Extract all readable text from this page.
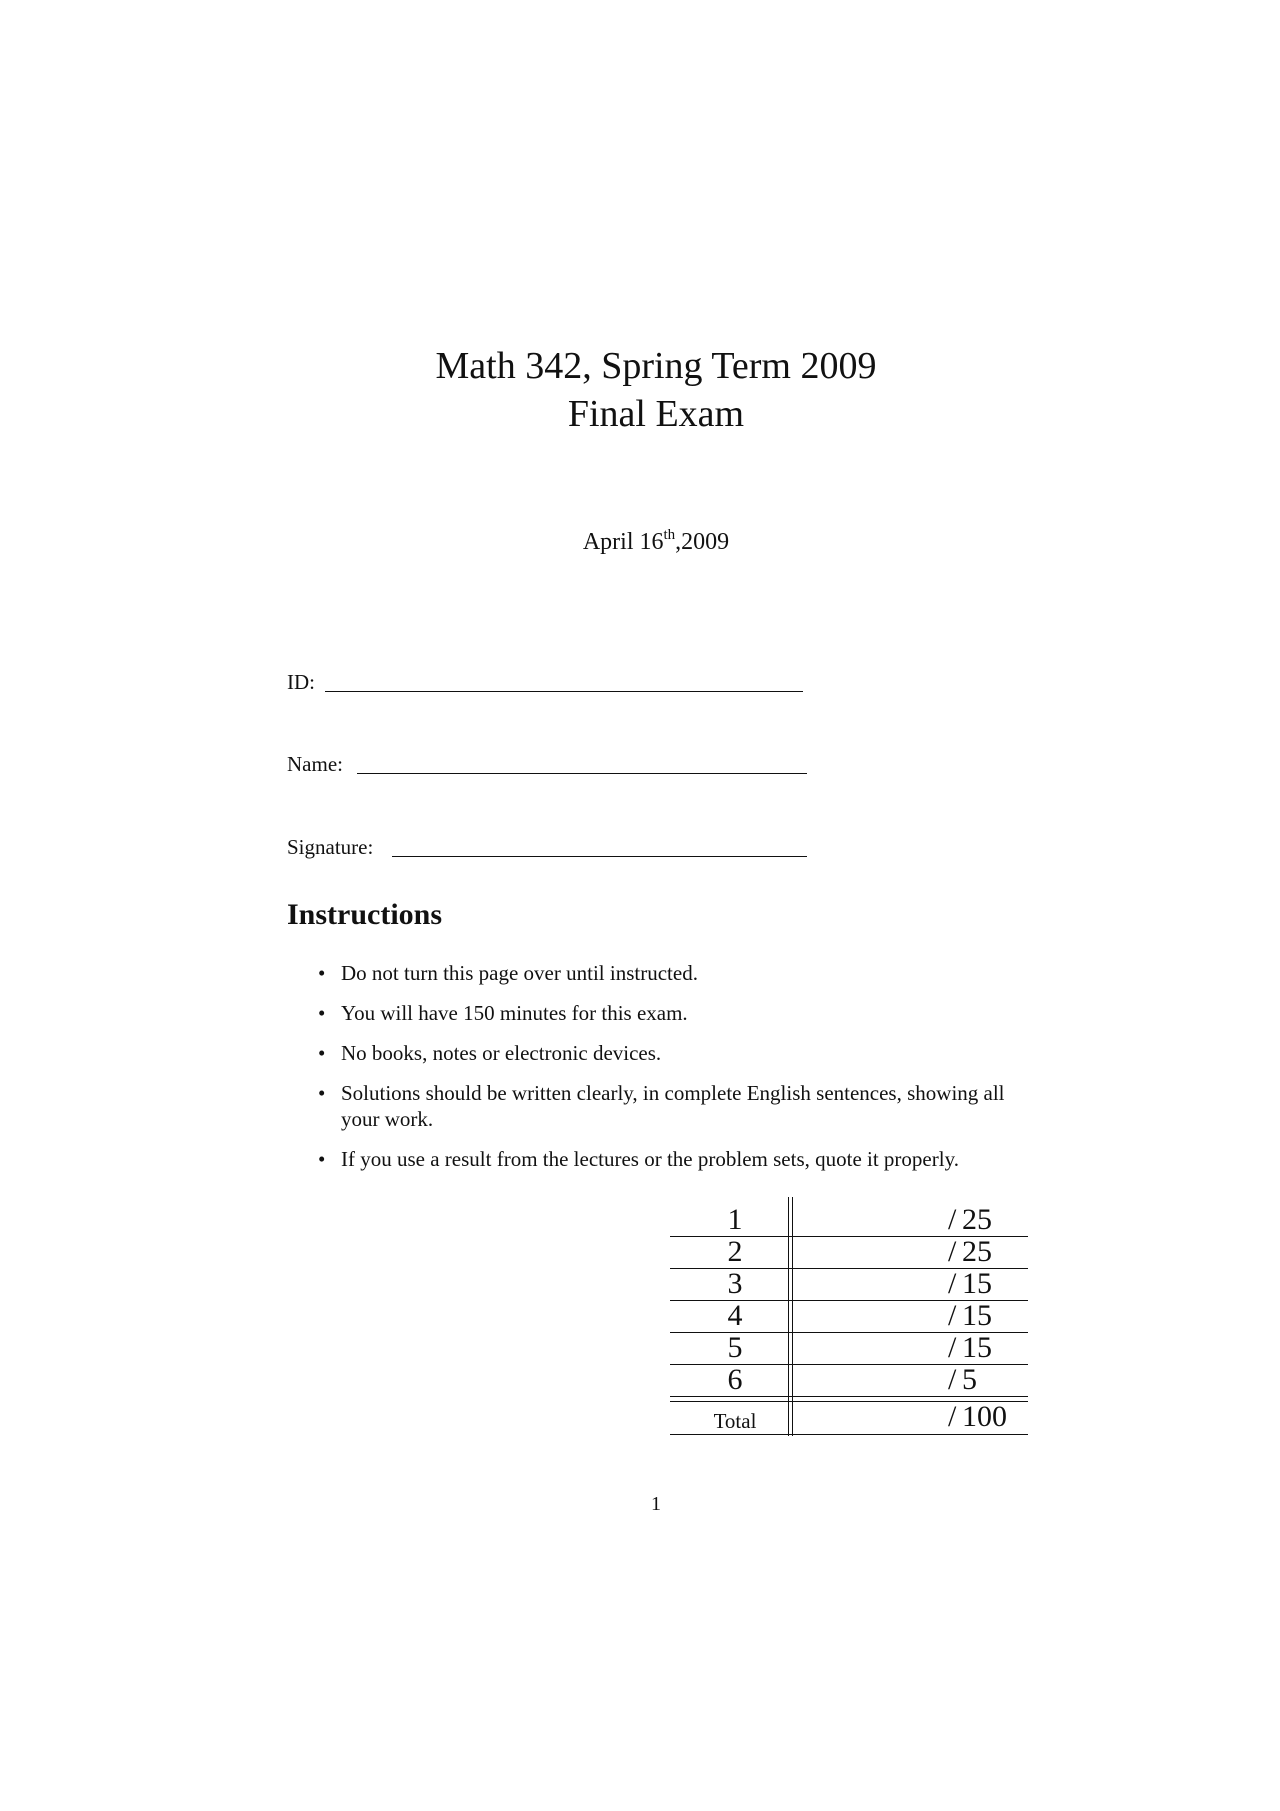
Math 342, Spring Term 2009
Final Exam
April 16th,2009
ID:
Name:
Signature:
Instructions
• Do not turn this page over until instructed.
• You will have 150 minutes for this exam.
• No books, notes or electronic devices.
• Solutions should be written clearly, in complete English sentences, showing all your work.
• If you use a result from the lectures or the problem sets, quote it properly.
1	/ 25
2	/ 25
3	/ 15
4	/ 15
5	/ 15
6	/ 5
Total	/ 100
1
